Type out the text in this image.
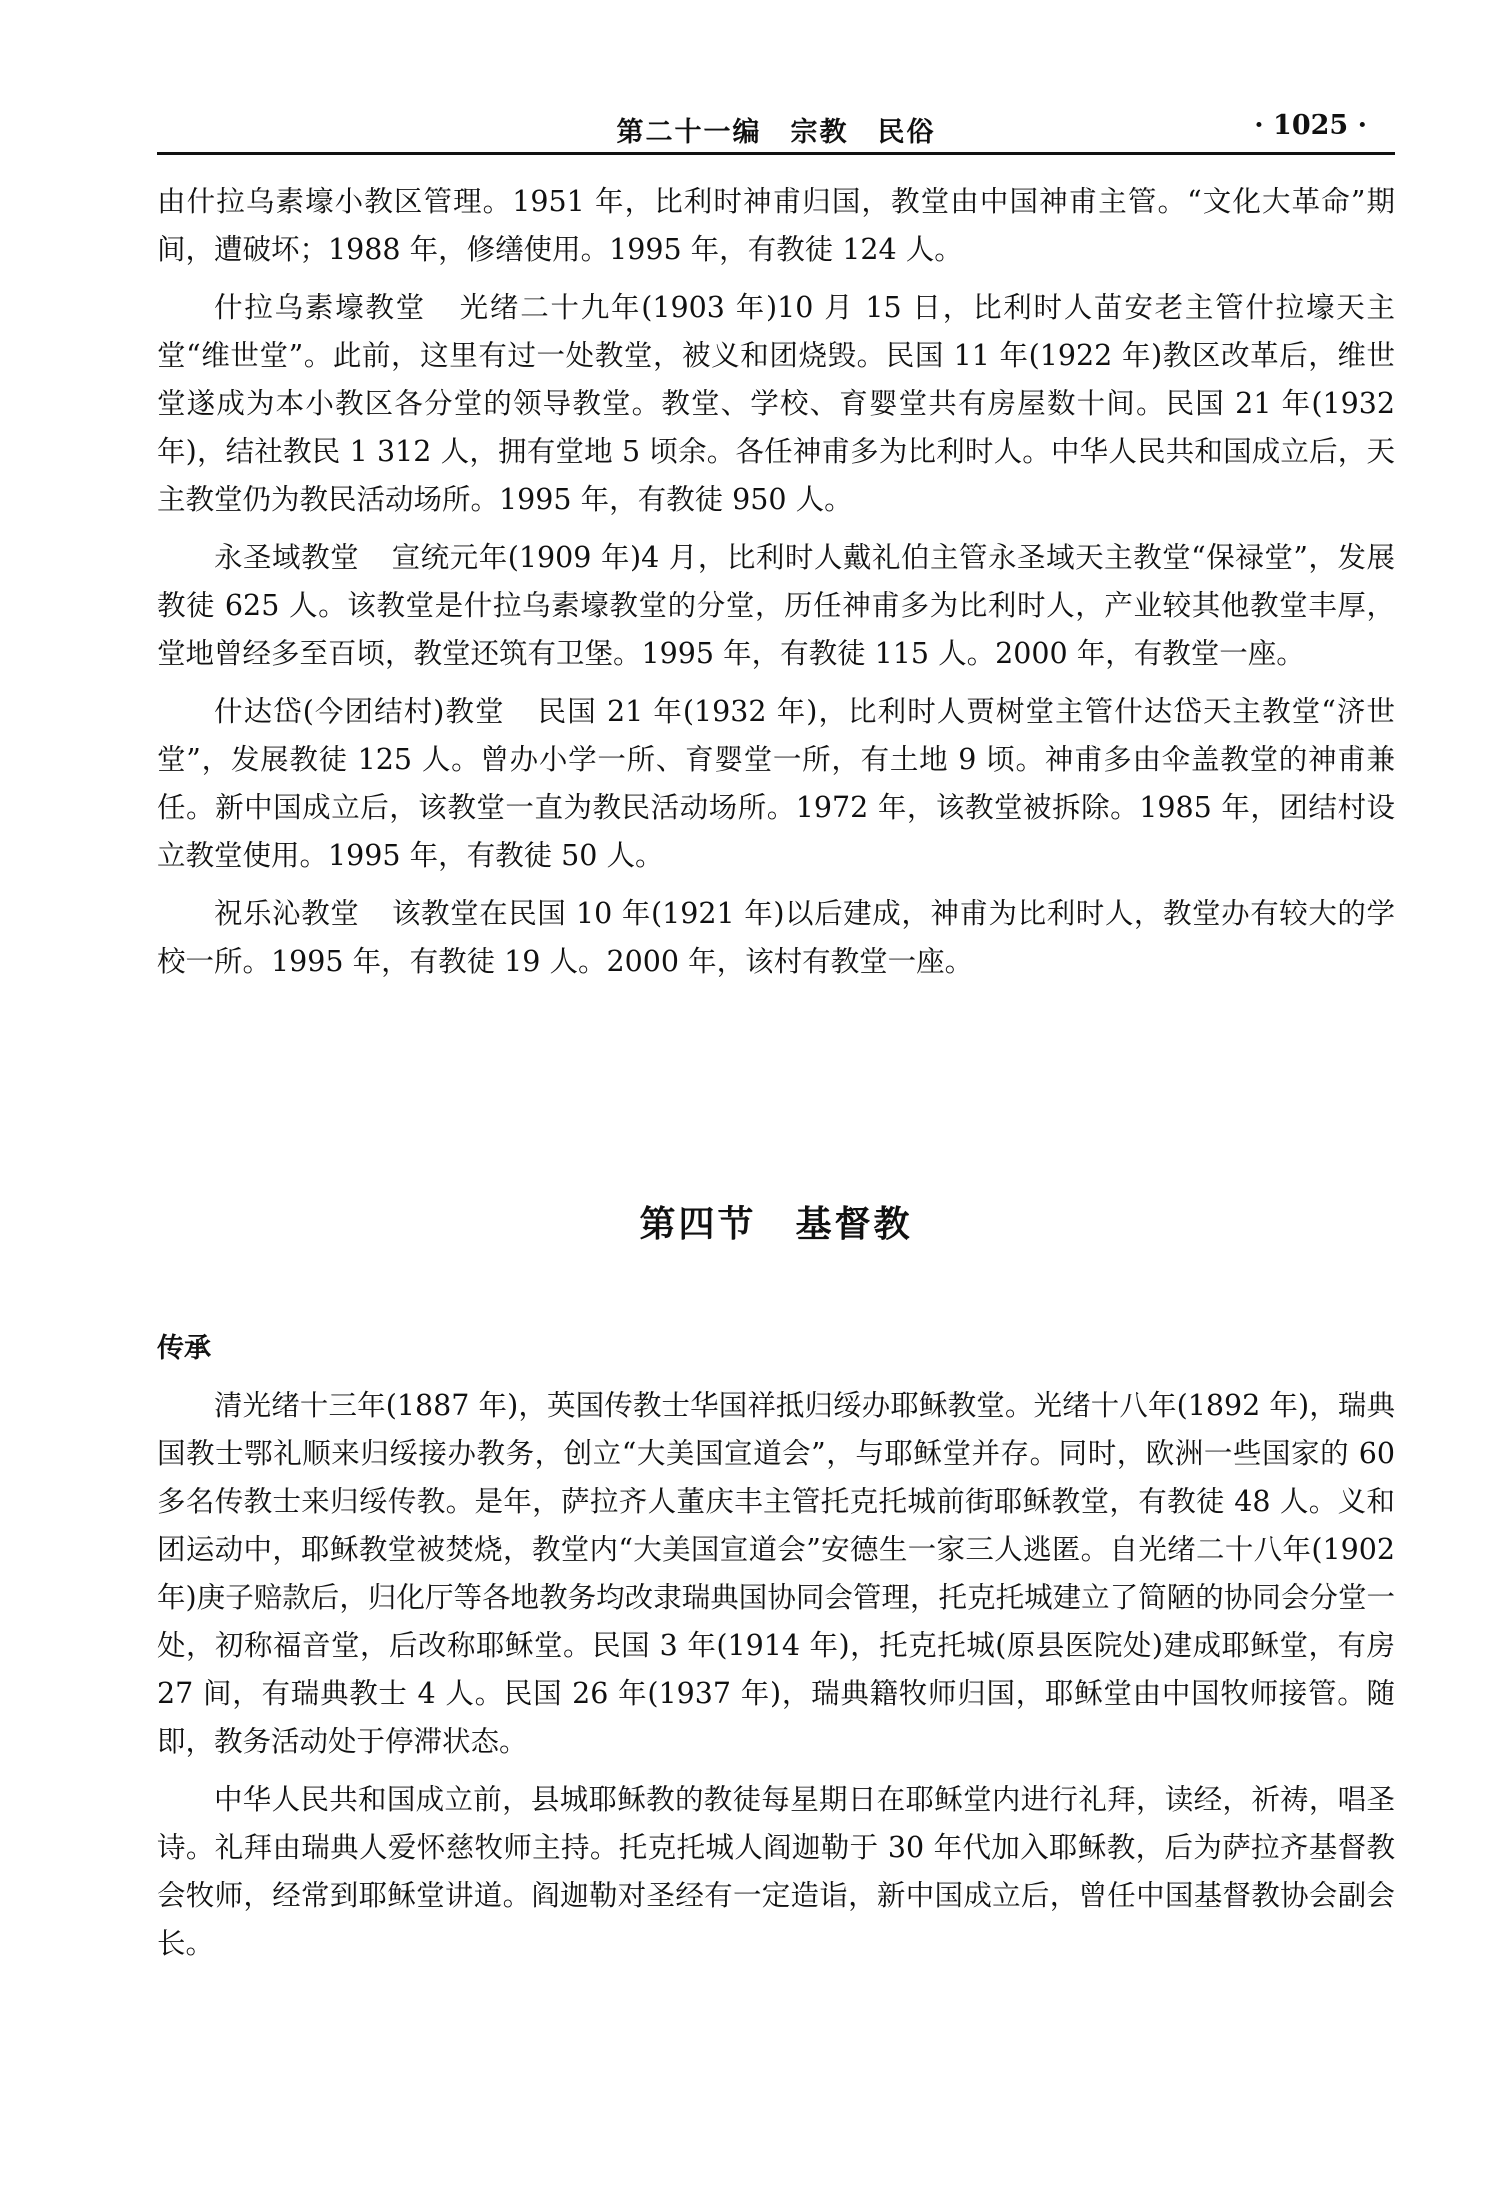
第二十一编　宗教　民俗	· 1025 ·

由什拉乌素壕小教区管理。1951 年，比利时神甫归国，教堂由中国神甫主管。“文化大革命”期间，遭破坏；1988 年，修缮使用。1995 年，有教徒 124 人。

什拉乌素壕教堂 光绪二十九年(1903 年)10 月 15 日，比利时人苗安老主管什拉壕天主堂“维世堂”。此前，这里有过一处教堂，被义和团烧毁。民国 11 年(1922 年)教区改革后，维世堂遂成为本小教区各分堂的领导教堂。教堂、学校、育婴堂共有房屋数十间。民国 21 年(1932 年)，结社教民 1 312 人，拥有堂地 5 顷余。各任神甫多为比利时人。中华人民共和国成立后，天主教堂仍为教民活动场所。1995 年，有教徒 950 人。

永圣域教堂 宣统元年(1909 年)4 月，比利时人戴礼伯主管永圣域天主教堂“保禄堂”，发展教徒 625 人。该教堂是什拉乌素壕教堂的分堂，历任神甫多为比利时人，产业较其他教堂丰厚，堂地曾经多至百顷，教堂还筑有卫堡。1995 年，有教徒 115 人。2000 年，有教堂一座。

什达岱(今团结村)教堂 民国 21 年(1932 年)，比利时人贾树堂主管什达岱天主教堂“济世堂”，发展教徒 125 人。曾办小学一所、育婴堂一所，有土地 9 顷。神甫多由伞盖教堂的神甫兼任。新中国成立后，该教堂一直为教民活动场所。1972 年，该教堂被拆除。1985 年，团结村设立教堂使用。1995 年，有教徒 50 人。

祝乐沁教堂 该教堂在民国 10 年(1921 年)以后建成，神甫为比利时人，教堂办有较大的学校一所。1995 年，有教徒 19 人。2000 年，该村有教堂一座。

第四节　基督教
传承

清光绪十三年(1887 年)，英国传教士华国祥抵归绥办耶稣教堂。光绪十八年(1892 年)，瑞典国教士鄂礼顺来归绥接办教务，创立“大美国宣道会”，与耶稣堂并存。同时，欧洲一些国家的 60 多名传教士来归绥传教。是年，萨拉齐人董庆丰主管托克托城前街耶稣教堂，有教徒 48 人。义和团运动中，耶稣教堂被焚烧，教堂内“大美国宣道会”安德生一家三人逃匿。自光绪二十八年(1902 年)庚子赔款后，归化厅等各地教务均改隶瑞典国协同会管理，托克托城建立了简陋的协同会分堂一处，初称福音堂，后改称耶稣堂。民国 3 年(1914 年)，托克托城(原县医院处)建成耶稣堂，有房 27 间，有瑞典教士 4 人。民国 26 年(1937 年)，瑞典籍牧师归国，耶稣堂由中国牧师接管。随即，教务活动处于停滞状态。

中华人民共和国成立前，县城耶稣教的教徒每星期日在耶稣堂内进行礼拜，读经，祈祷，唱圣诗。礼拜由瑞典人爱怀慈牧师主持。托克托城人阎迦勒于 30 年代加入耶稣教，后为萨拉齐基督教会牧师，经常到耶稣堂讲道。阎迦勒对圣经有一定造诣，新中国成立后，曾任中国基督教协会副会长。
